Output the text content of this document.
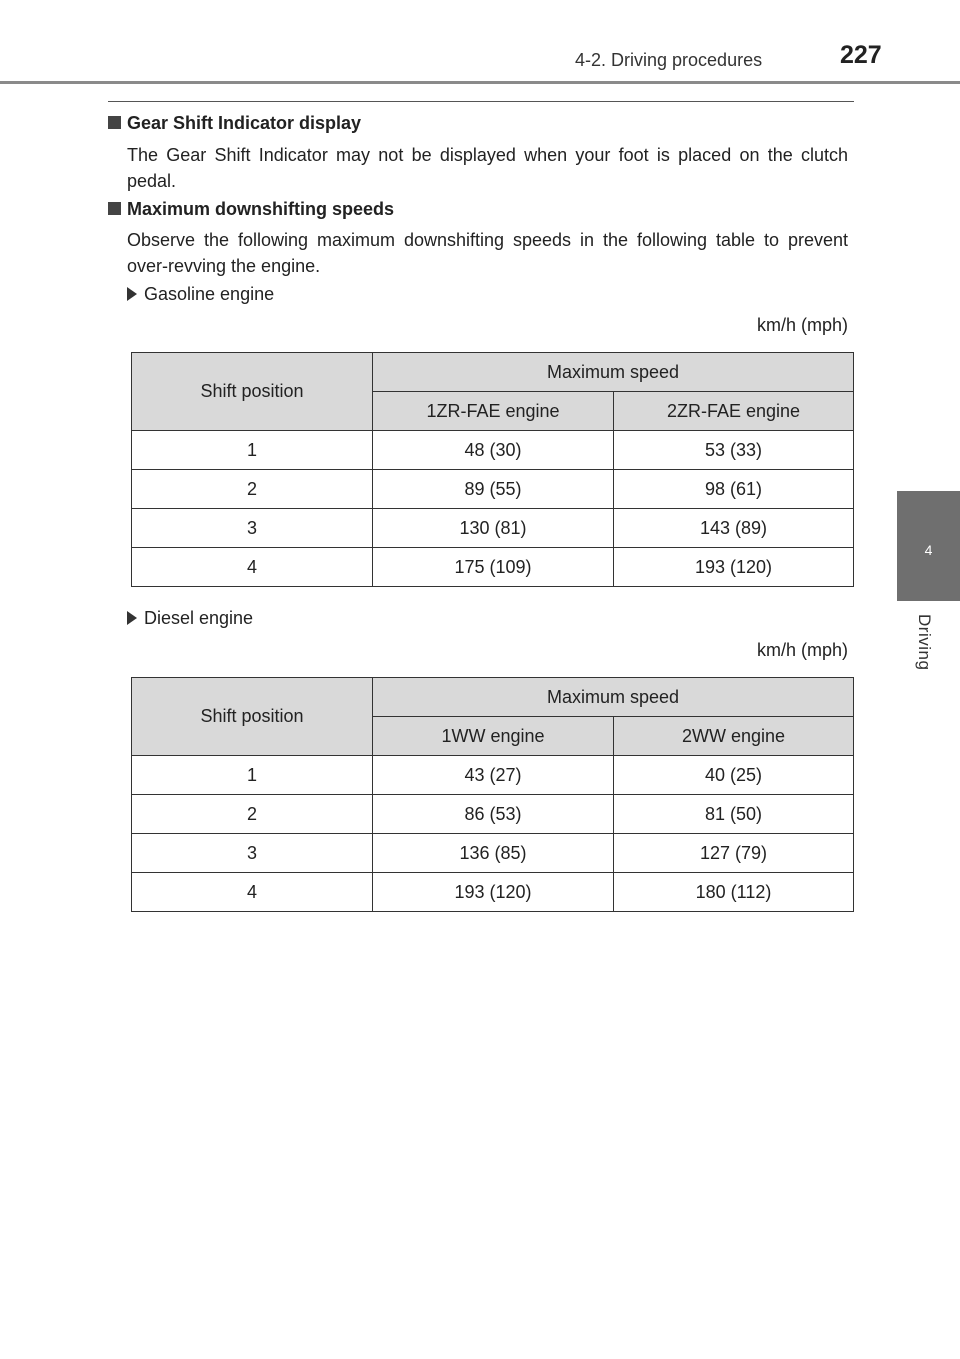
4-2. Driving procedures	227
4
Driving
Gear Shift Indicator display
The Gear Shift Indicator may not be displayed when your foot is placed on the clutch pedal.
Maximum downshifting speeds
Observe the following maximum downshifting speeds in the following table to prevent over-revving the engine.
Gasoline engine
km/h (mph)
Shift position	Maximum speed	
	1ZR-FAE engine	2ZR-FAE engine
1	48 (30)	53 (33)
2	89 (55)	98 (61)
3	130 (81)	143 (89)
4	175 (109)	193 (120)
Diesel engine
km/h (mph)
Shift position	Maximum speed	
	1WW engine	2WW engine
1	43 (27)	40 (25)
2	86 (53)	81 (50)
3	136 (85)	127 (79)
4	193 (120)	180 (112)
